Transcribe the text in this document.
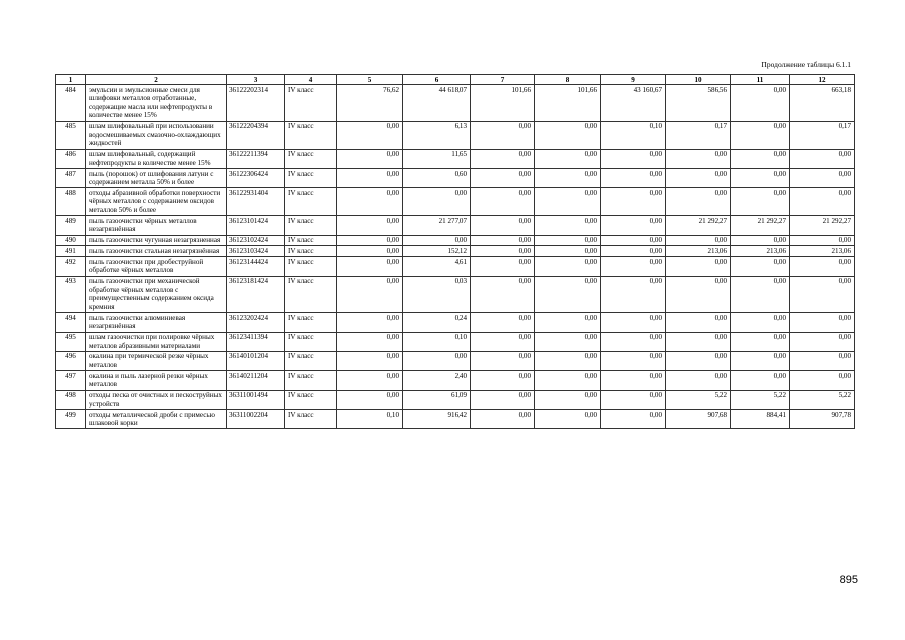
Продолжение таблицы 6.1.1
1	2	3	4	5	6	7	8	9	10	11	12
484	эмульсии и эмульсионные смеси для шлифовки металлов отработанные, содержащие масла или нефтепродукты в количестве менее 15%	36122202314	IV класс	76,62	44 618,07	101,66	101,66	43 160,67	586,56	0,00	663,18
485	шлам шлифовальный при использовании водосмешиваемых смазочно-охлаждающих жидкостей	36122204394	IV класс	0,00	6,13	0,00	0,00	0,10	0,17	0,00	0,17
486	шлам шлифовальный, содержащий нефтепродукты в количестве менее 15%	36122211394	IV класс	0,00	11,65	0,00	0,00	0,00	0,00	0,00	0,00
487	пыль (порошок) от шлифования латуни с содержанием металла 50% и более	36122306424	IV класс	0,00	0,60	0,00	0,00	0,00	0,00	0,00	0,00
488	отходы абразивной обработки поверхности чёрных металлов с содержанием оксидов металлов 50% и более	36122931404	IV класс	0,00	0,00	0,00	0,00	0,00	0,00	0,00	0,00
489	пыль газоочистки чёрных металлов незагрязнённая	36123101424	IV класс	0,00	21 277,07	0,00	0,00	0,00	21 292,27	21 292,27	21 292,27
490	пыль газоочистки чугунная незагрязненная	36123102424	IV класс	0,00	0,00	0,00	0,00	0,00	0,00	0,00	0,00
491	пыль газоочистки стальная незагрязнённая	36123103424	IV класс	0,00	152,12	0,00	0,00	0,00	213,06	213,06	213,06
492	пыль газоочистки при дробеструйной обработке чёрных металлов	36123144424	IV класс	0,00	4,61	0,00	0,00	0,00	0,00	0,00	0,00
493	пыль газоочистки при механической обработке чёрных металлов с преимущественным содержанием оксида кремния	36123181424	IV класс	0,00	0,03	0,00	0,00	0,00	0,00	0,00	0,00
494	пыль газоочистки алюминиевая незагрязнённая	36123202424	IV класс	0,00	0,24	0,00	0,00	0,00	0,00	0,00	0,00
495	шлам газоочистки при полировке чёрных металлов абразивными материалами	36123411394	IV класс	0,00	0,10	0,00	0,00	0,00	0,00	0,00	0,00
496	окалина при термической резке чёрных металлов	36140101204	IV класс	0,00	0,00	0,00	0,00	0,00	0,00	0,00	0,00
497	окалина и пыль лазерной резки чёрных металлов	36140211204	IV класс	0,00	2,40	0,00	0,00	0,00	0,00	0,00	0,00
498	отходы песка от очистных и пескоструйных устройств	36311001494	IV класс	0,00	61,09	0,00	0,00	0,00	5,22	5,22	5,22
499	отходы металлической дроби с примесью шлаковой корки	36311002204	IV класс	0,10	916,42	0,00	0,00	0,00	907,68	884,41	907,78
895
